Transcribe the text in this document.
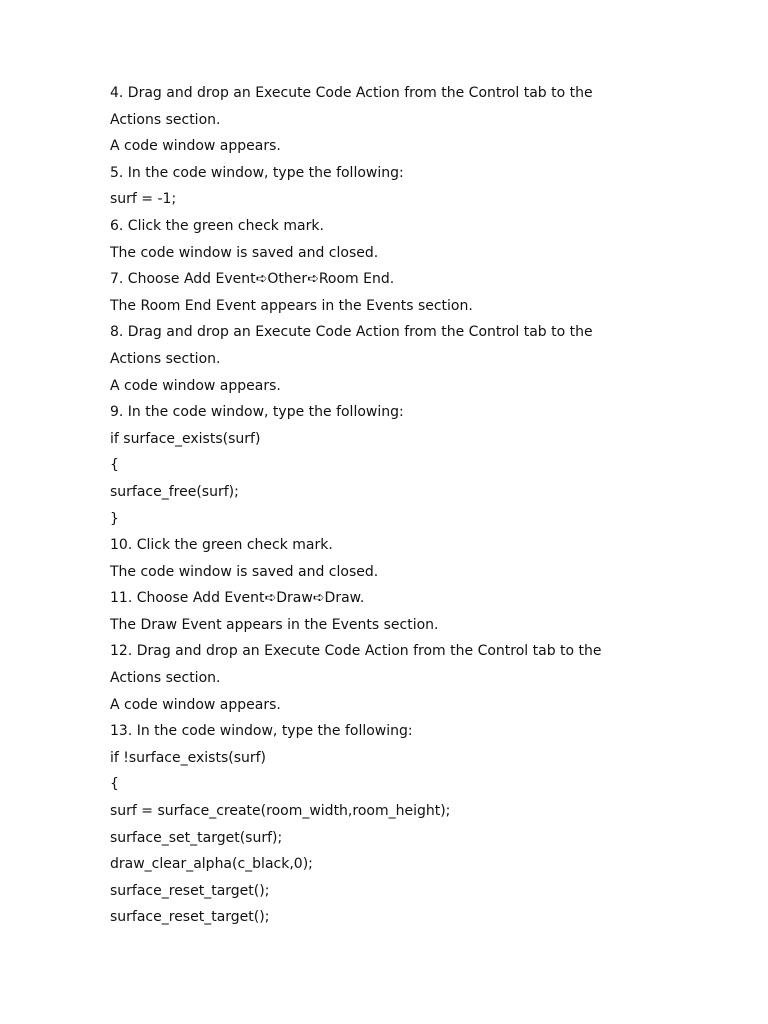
4. Drag and drop an Execute Code Action from the Control tab to the
Actions section.
A code window appears.
5. In the code window, type the following:
surf = -1;
6. Click the green check mark.
The code window is saved and closed.
7. Choose Add Event➪Other➪Room End.
The Room End Event appears in the Events section.
8. Drag and drop an Execute Code Action from the Control tab to the
Actions section.
A code window appears.
9. In the code window, type the following:
if surface_exists(surf)
{
surface_free(surf);
}
10. Click the green check mark.
The code window is saved and closed.
11. Choose Add Event➪Draw➪Draw.
The Draw Event appears in the Events section.
12. Drag and drop an Execute Code Action from the Control tab to the
Actions section.
A code window appears.
13. In the code window, type the following:
if !surface_exists(surf)
{
surf = surface_create(room_width,room_height);
surface_set_target(surf);
draw_clear_alpha(c_black,0);
surface_reset_target();
surface_reset_target();
